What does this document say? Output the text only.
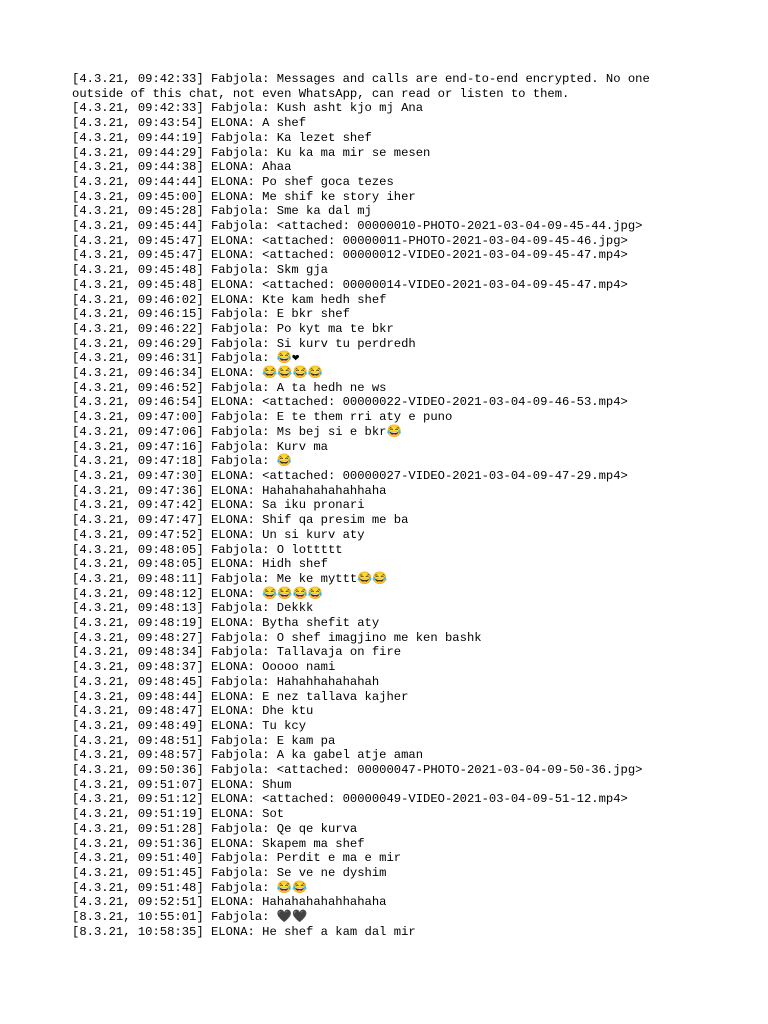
[4.3.21, 09:42:33] Fabjola: Messages and calls are end-to-end encrypted. No one
outside of this chat, not even WhatsApp, can read or listen to them.
[4.3.21, 09:42:33] Fabjola: Kush asht kjo mj Ana
[4.3.21, 09:43:54] ELONA: A shef
[4.3.21, 09:44:19] Fabjola: Ka lezet shef
[4.3.21, 09:44:29] Fabjola: Ku ka ma mir se mesen
[4.3.21, 09:44:38] ELONA: Ahaa
[4.3.21, 09:44:44] ELONA: Po shef goca tezes
[4.3.21, 09:45:00] ELONA: Me shif ke story iher
[4.3.21, 09:45:28] Fabjola: Sme ka dal mj
[4.3.21, 09:45:44] Fabjola: <attached: 00000010-PHOTO-2021-03-04-09-45-44.jpg>
[4.3.21, 09:45:47] ELONA: <attached: 00000011-PHOTO-2021-03-04-09-45-46.jpg>
[4.3.21, 09:45:47] ELONA: <attached: 00000012-VIDEO-2021-03-04-09-45-47.mp4>
[4.3.21, 09:45:48] Fabjola: Skm gja
[4.3.21, 09:45:48] ELONA: <attached: 00000014-VIDEO-2021-03-04-09-45-47.mp4>
[4.3.21, 09:46:02] ELONA: Kte kam hedh shef
[4.3.21, 09:46:15] Fabjola: E bkr shef
[4.3.21, 09:46:22] Fabjola: Po kyt ma te bkr
[4.3.21, 09:46:29] Fabjola: Si kurv tu perdredh
[4.3.21, 09:46:31] Fabjola: 😂❤
[4.3.21, 09:46:34] ELONA: 😂😂😂😂
[4.3.21, 09:46:52] Fabjola: A ta hedh ne ws
[4.3.21, 09:46:54] ELONA: <attached: 00000022-VIDEO-2021-03-04-09-46-53.mp4>
[4.3.21, 09:47:00] Fabjola: E te them rri aty e puno
[4.3.21, 09:47:06] Fabjola: Ms bej si e bkr😂
[4.3.21, 09:47:16] Fabjola: Kurv ma
[4.3.21, 09:47:18] Fabjola: 😂
[4.3.21, 09:47:30] ELONA: <attached: 00000027-VIDEO-2021-03-04-09-47-29.mp4>
[4.3.21, 09:47:36] ELONA: Hahahahahahahhaha
[4.3.21, 09:47:42] ELONA: Sa iku pronari
[4.3.21, 09:47:47] ELONA: Shif qa presim me ba
[4.3.21, 09:47:52] ELONA: Un si kurv aty
[4.3.21, 09:48:05] Fabjola: O lottttt
[4.3.21, 09:48:05] ELONA: Hidh shef
[4.3.21, 09:48:11] Fabjola: Me ke myttt😂😂
[4.3.21, 09:48:12] ELONA: 😂😂😂😂
[4.3.21, 09:48:13] Fabjola: Dekkk
[4.3.21, 09:48:19] ELONA: Bytha shefit aty
[4.3.21, 09:48:27] Fabjola: O shef imagjino me ken bashk
[4.3.21, 09:48:34] Fabjola: Tallavaja on fire
[4.3.21, 09:48:37] ELONA: Ooooo nami
[4.3.21, 09:48:45] Fabjola: Hahahhahahahah
[4.3.21, 09:48:44] ELONA: E nez tallava kajher
[4.3.21, 09:48:47] ELONA: Dhe ktu
[4.3.21, 09:48:49] ELONA: Tu kcy
[4.3.21, 09:48:51] Fabjola: E kam pa
[4.3.21, 09:48:57] Fabjola: A ka gabel atje aman
[4.3.21, 09:50:36] Fabjola: <attached: 00000047-PHOTO-2021-03-04-09-50-36.jpg>
[4.3.21, 09:51:07] ELONA: Shum
[4.3.21, 09:51:12] ELONA: <attached: 00000049-VIDEO-2021-03-04-09-51-12.mp4>
[4.3.21, 09:51:19] ELONA: Sot
[4.3.21, 09:51:28] Fabjola: Qe qe kurva
[4.3.21, 09:51:36] ELONA: Skapem ma shef
[4.3.21, 09:51:40] Fabjola: Perdit e ma e mir
[4.3.21, 09:51:45] Fabjola: Se ve ne dyshim
[4.3.21, 09:51:48] Fabjola: 😂😂
[4.3.21, 09:52:51] ELONA: Hahahahahahhahaha
[8.3.21, 10:55:01] Fabjola: 🖤🖤
[8.3.21, 10:58:35] ELONA: He shef a kam dal mir
